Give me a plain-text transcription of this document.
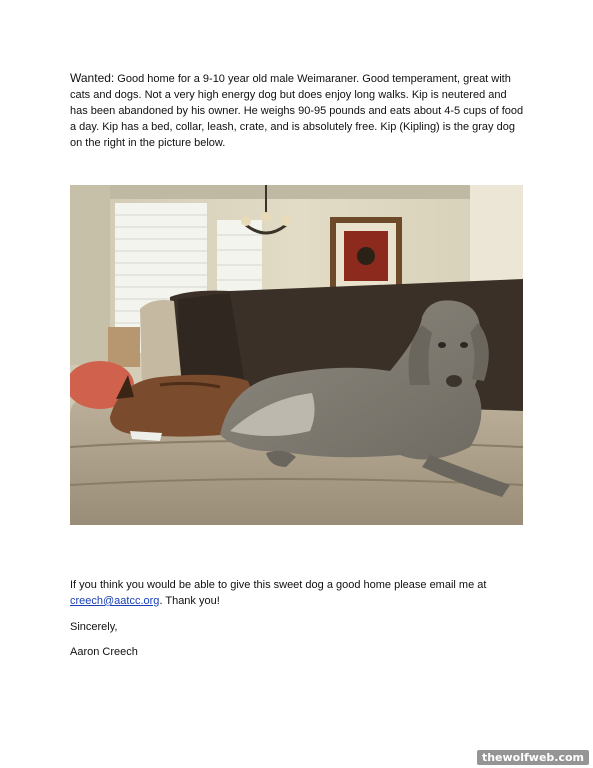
Wanted: Good home for a 9-10 year old male Weimaraner. Good temperament, great with cats and dogs. Not a very high energy dog but does enjoy long walks. Kip is neutered and has been abandoned by his owner. He weighs 90-95 pounds and eats about 4-5 cups of food a day. Kip has a bed, collar, leash, crate, and is absolutely free. Kip (Kipling) is the gray dog on the right in the picture below.
If you think you would be able to give this sweet dog a good home please email me at
creech@aatcc.org. Thank you!
Sincerely,
Aaron Creech
thewolfweb.com
